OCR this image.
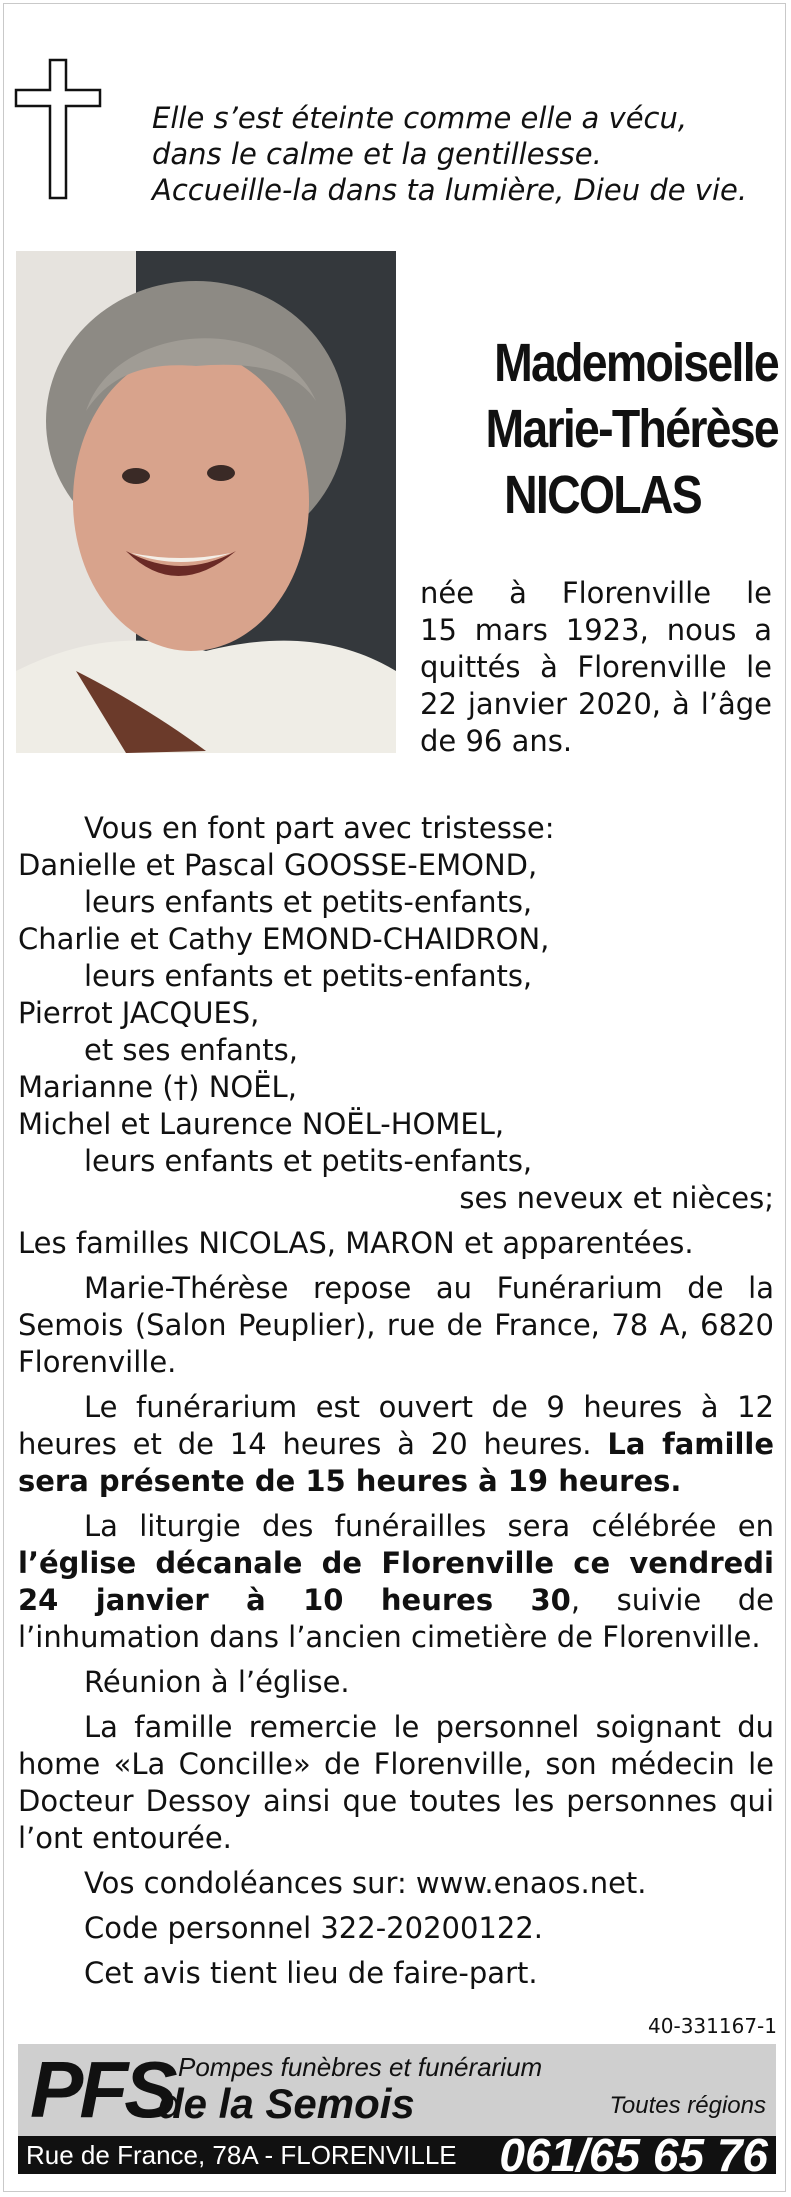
Elle s’est éteinte comme elle a vécu,
dans le calme et la gentillesse.
Accueille-la dans ta lumière, Dieu de vie.
Mademoiselle
Marie-Thérèse
NICOLAS
née à Florenville le
15 mars 1923, nous a
quittés à Florenville le
22 janvier 2020, à l’âge
de 96 ans.
Vous en font part avec tristesse:
Danielle et Pascal GOOSSE-EMOND,
leurs enfants et petits-enfants,
Charlie et Cathy EMOND-CHAIDRON,
leurs enfants et petits-enfants,
Pierrot JACQUES,
et ses enfants,
Marianne (†) NOËL,
Michel et Laurence NOËL-HOMEL,
leurs enfants et petits-enfants,
ses neveux et nièces;
Les familles NICOLAS, MARON et apparentées.
Marie-Thérèse repose au Funérarium de la Semois (Salon Peuplier), rue de France, 78 A, 6820 Florenville.
Le funérarium est ouvert de 9 heures à 12 heures et de 14 heures à 20 heures. La famille sera présente de 15 heures à 19 heures.
La liturgie des funérailles sera célébrée en l’église décanale de Florenville ce vendredi 24 janvier à 10 heures 30, suivie de l’inhumation dans l’ancien cimetière de Florenville.
Réunion à l’église.
La famille remercie le personnel soignant du home «La Concille» de Florenville, son médecin le Docteur Dessoy ainsi que toutes les personnes qui l’ont entourée.
Vos condoléances sur: www.enaos.net.
Code personnel 322-20200122.
Cet avis tient lieu de faire-part.
40-331167-1
PFS Pompes funèbres et funérarium
de la Semois	Toutes régions
Rue de France, 78A - FLORENVILLE 061/65 65 76
